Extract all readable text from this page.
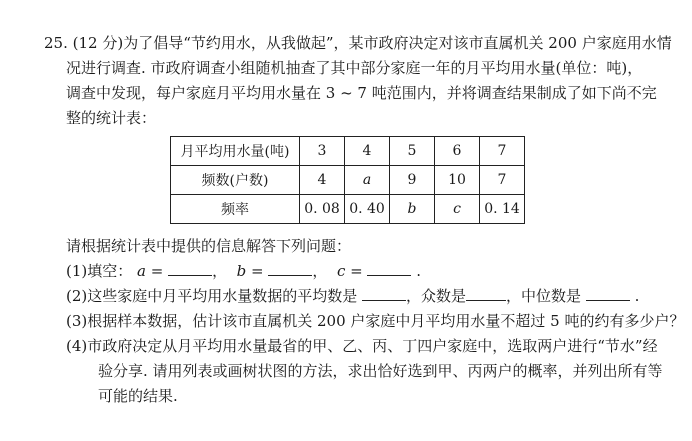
25. (12 分)为了倡导“节约用水，从我做起”，某市政府决定对该市直属机关 200 户家庭用水情
况进行调查. 市政府调查小组随机抽查了其中部分家庭一年的月平均用水量(单位：吨)，
调查中发现，每户家庭月平均用水量在 3 ~ 7 吨范围内，并将调查结果制成了如下尚不完
整的统计表：
月平均用水量(吨)	3	4	5	6	7
频数(户数)	4	a	9	10	7
频率	0. 08	0. 40	b	c	0. 14
请根据统计表中提供的信息解答下列问题：
(1)填空： a =	， b =	， c =	.
(2)这些家庭中月平均用水量数据的平均数是	，众数是	，中位数是	.
(3)根据样本数据，估计该市直属机关 200 户家庭中月平均用水量不超过 5 吨的约有多少户？
(4)市政府决定从月平均用水量最省的甲、乙、丙、丁四户家庭中，选取两户进行“节水”经
验分享. 请用列表或画树状图的方法，求出恰好选到甲、丙两户的概率，并列出所有等
可能的结果.
